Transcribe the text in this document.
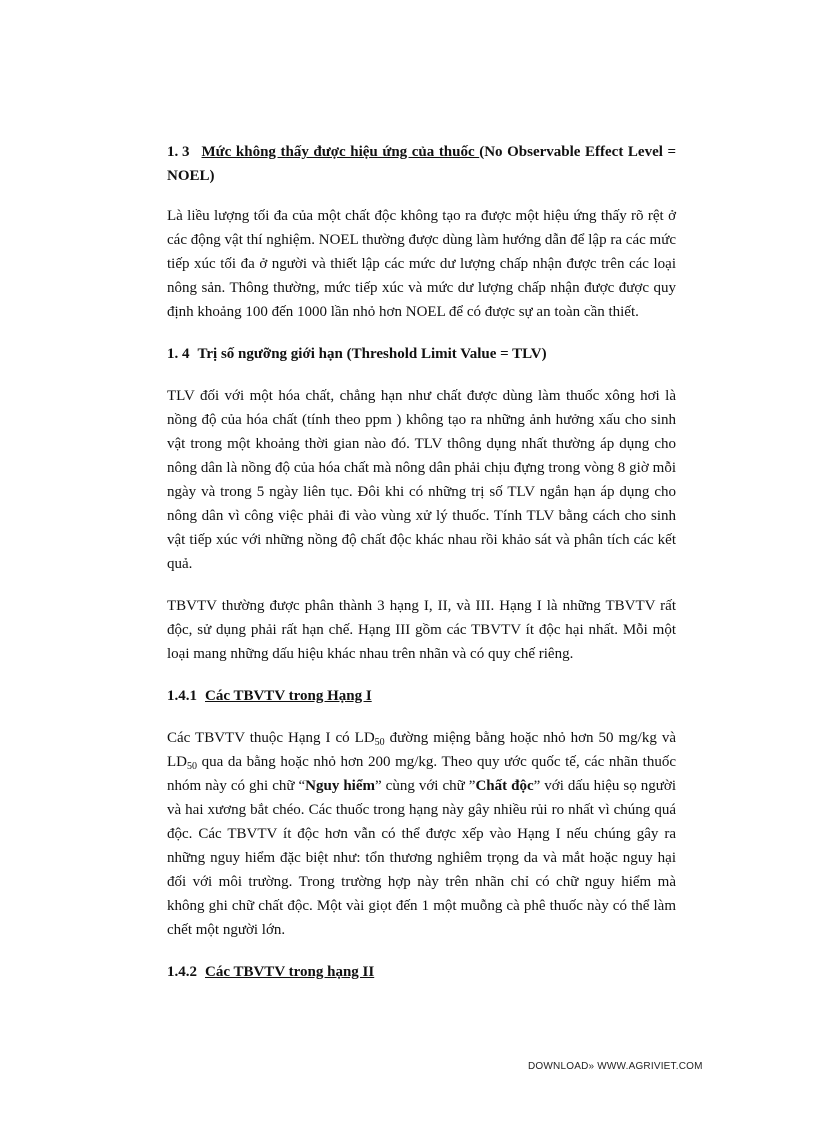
1. 3 Mức không thấy được hiệu ứng của thuốc (No Observable Effect Level = NOEL)

Là liều lượng tối đa của một chất độc không tạo ra được một hiệu ứng thấy rõ rệt ở các động vật thí nghiệm. NOEL thường được dùng làm hướng dẫn để lập ra các mức tiếp xúc tối đa ở người và thiết lập các mức dư lượng chấp nhận được trên các loại nông sản. Thông thường, mức tiếp xúc và mức dư lượng chấp nhận được được quy định khoảng 100 đến 1000 lần nhỏ hơn NOEL để có được sự an toàn cần thiết.

1. 4 Trị số ngưỡng giới hạn (Threshold Limit Value = TLV)

TLV đối với một hóa chất, chẳng hạn như chất được dùng làm thuốc xông hơi là nồng độ của hóa chất (tính theo ppm ) không tạo ra những ảnh hưởng xấu cho sinh vật trong một khoảng thời gian nào đó. TLV thông dụng nhất thường áp dụng cho nông dân là nồng độ của hóa chất mà nông dân phải chịu đựng trong vòng 8 giờ mỗi ngày và trong 5 ngày liên tục. Đôi khi có những trị số TLV ngắn hạn áp dụng cho nông dân vì công việc phải đi vào vùng xử lý thuốc. Tính TLV bằng cách cho sinh vật tiếp xúc với những nồng độ chất độc khác nhau rồi khảo sát và phân tích các kết quả.

TBVTV thường được phân thành 3 hạng I, II, và III. Hạng I là những TBVTV rất độc, sử dụng phải rất hạn chế. Hạng III gồm các TBVTV ít độc hại nhất. Mỗi một loại mang những dấu hiệu khác nhau trên nhãn và có quy chế riêng.

1.4.1 Các TBVTV trong Hạng I

Các TBVTV thuộc Hạng I có $LD_{50}$ đường miệng bằng hoặc nhỏ hơn 50 mg/kg và $LD_{50}$ qua da bằng hoặc nhỏ hơn 200 mg/kg. Theo quy ước quốc tế, các nhãn thuốc nhóm này có ghi chữ “Nguy hiểm” cùng với chữ ”Chất độc” với dấu hiệu sọ người và hai xương bắt chéo. Các thuốc trong hạng này gây nhiều rủi ro nhất vì chúng quá độc. Các TBVTV ít độc hơn vẫn có thể được xếp vào Hạng I nếu chúng gây ra những nguy hiểm đặc biệt như: tổn thương nghiêm trọng da và mắt hoặc nguy hại đối với môi trường. Trong trường hợp này trên nhãn chỉ có chữ nguy hiểm mà không ghi chữ chất độc. Một vài giọt đến 1 một muỗng cà phê thuốc này có thể làm chết một người lớn.

1.4.2 Các TBVTV trong hạng II

DOWNLOAD» WWW.AGRIVIET.COM
